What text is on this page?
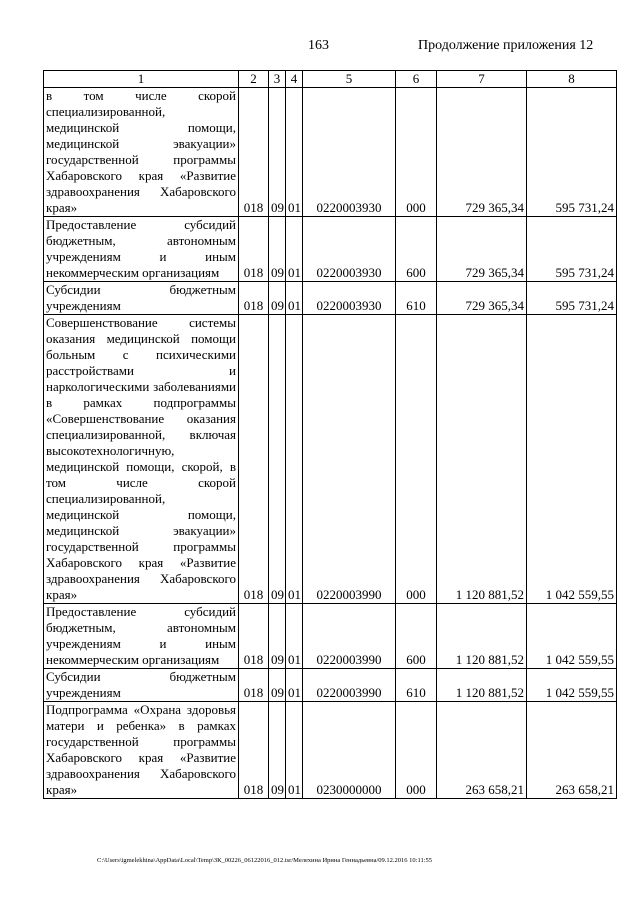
163	Продолжение приложения 12
1	2	3	4	5	6	7	8
в том числе скорой специализированной, медицинской помощи, медицинской эвакуации» государственной программы Хабаровского края «Развитие здравоохранения Хабаровского края»	018	09	01	0220003930	000	729 365,34	595 731,24
Предоставление субсидий бюджетным, автономным учреждениям и иным некоммерческим организациям	018	09	01	0220003930	600	729 365,34	595 731,24
Субсидии бюджетным учреждениям	018	09	01	0220003930	610	729 365,34	595 731,24
Совершенствование системы оказания медицинской помощи больным с психическими расстройствами и наркологическими заболеваниями в рамках подпрограммы «Совершенствование оказания специализированной, включая высокотехнологичную, медицинской помощи, скорой, в том числе скорой специализированной, медицинской помощи, медицинской эвакуации» государственной программы Хабаровского края «Развитие здравоохранения Хабаровского края»	018	09	01	0220003990	000	1 120 881,52	1 042 559,55
Предоставление субсидий бюджетным, автономным учреждениям и иным некоммерческим организациям	018	09	01	0220003990	600	1 120 881,52	1 042 559,55
Субсидии бюджетным учреждениям	018	09	01	0220003990	610	1 120 881,52	1 042 559,55
Подпрограмма «Охрана здоровья матери и ребенка» в рамках государственной программы Хабаровского края «Развитие здравоохранения Хабаровского края»	018	09	01	0230000000	000	263 658,21	263 658,21
C:\Users\igmelekhina\AppData\Local\Temp\ЗК_00226_06122016_012.tsr/Мелехина Ирина Геннадьевна/09.12.2016 10:11:55
